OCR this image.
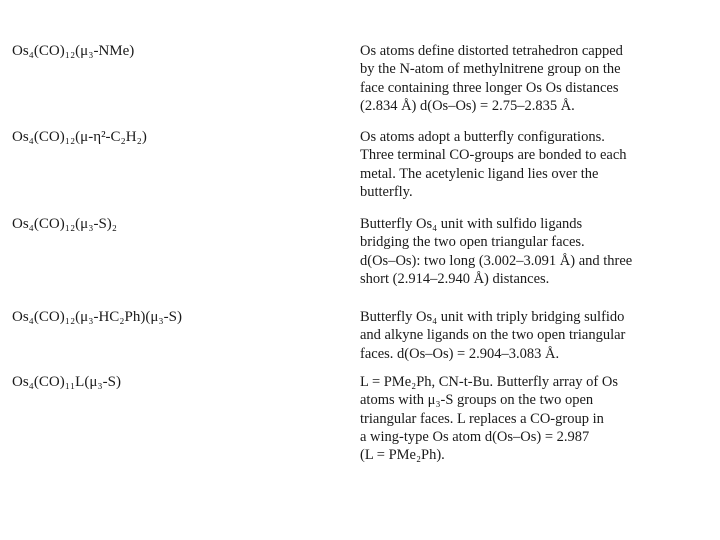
Os₄(CO)₁₂(μ₃-NMe)	Os atoms define distorted tetrahedron capped
by the N-atom of methylnitrene group on the
face containing three longer Os Os distances
(2.834 Å) d(Os–Os) = 2.75–2.835 Å.
Os₄(CO)₁₂(μ-η²-C₂H₂)	Os atoms adopt a butterfly configurations.
Three terminal CO-groups are bonded to each
metal. The acetylenic ligand lies over the
butterfly.
Os₄(CO)₁₂(μ₃-S)₂	Butterfly Os₄ unit with sulfido ligands
bridging the two open triangular faces.
d(Os–Os): two long (3.002–3.091 Å) and three
short (2.914–2.940 Å) distances.
Os₄(CO)₁₂(μ₃-HC₂Ph)(μ₃-S)	Butterfly Os₄ unit with triply bridging sulfido
and alkyne ligands on the two open triangular
faces. d(Os–Os) = 2.904–3.083 Å.
Os₄(CO)₁₁L(μ₃-S)	L = PMe₂Ph, CN-t-Bu. Butterfly array of Os
atoms with μ₃-S groups on the two open
triangular faces. L replaces a CO-group in
a wing-type Os atom d(Os–Os) = 2.987
(L = PMe₂Ph).
